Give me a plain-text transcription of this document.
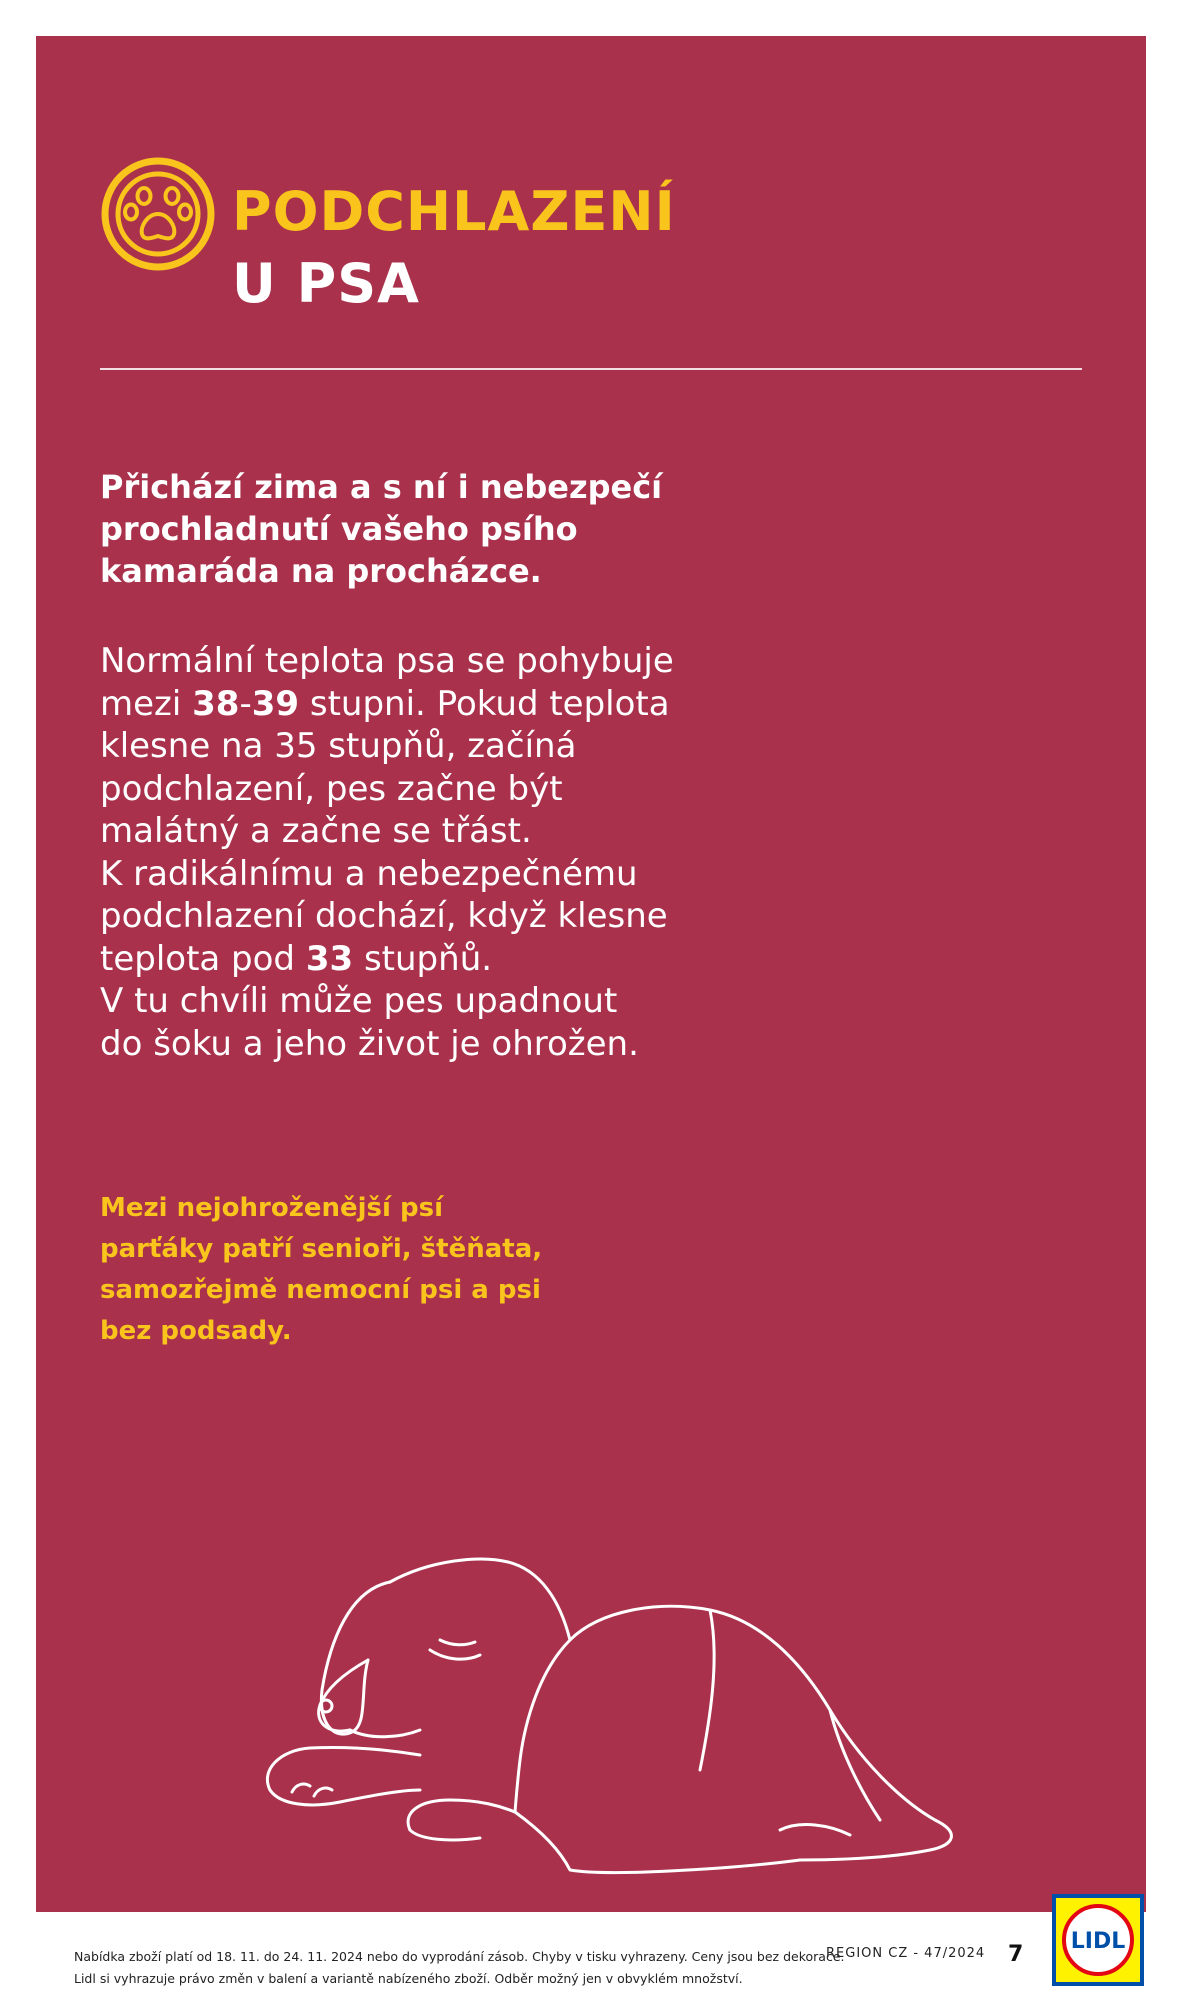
PODCHLAZENÍ
U PSA
Přichází zima a s ní i nebezpečí
prochladnutí vašeho psího
kamaráda na procházce.
Normální teplota psa se pohybuje
mezi 38-39 stupni. Pokud teplota
klesne na 35 stupňů, začíná
podchlazení, pes začne být
malátný a začne se třást.
K radikálnímu a nebezpečnému
podchlazení dochází, když klesne
teplota pod 33 stupňů.
V tu chvíli může pes upadnout
do šoku a jeho život je ohrožen.
Mezi nejohroženější psí
parťáky patří senioři, štěňata,
samozřejmě nemocní psi a psi
bez podsady.
Nabídka zboží platí od 18. 11. do 24. 11. 2024 nebo do vyprodání zásob. Chyby v tisku vyhrazeny. Ceny jsou bez dekorace.
Lidl si vyhrazuje právo změn v balení a variantě nabízeného zboží. Odběr možný jen v obvyklém množství.
REGION CZ - 47/2024 7
LIDL
